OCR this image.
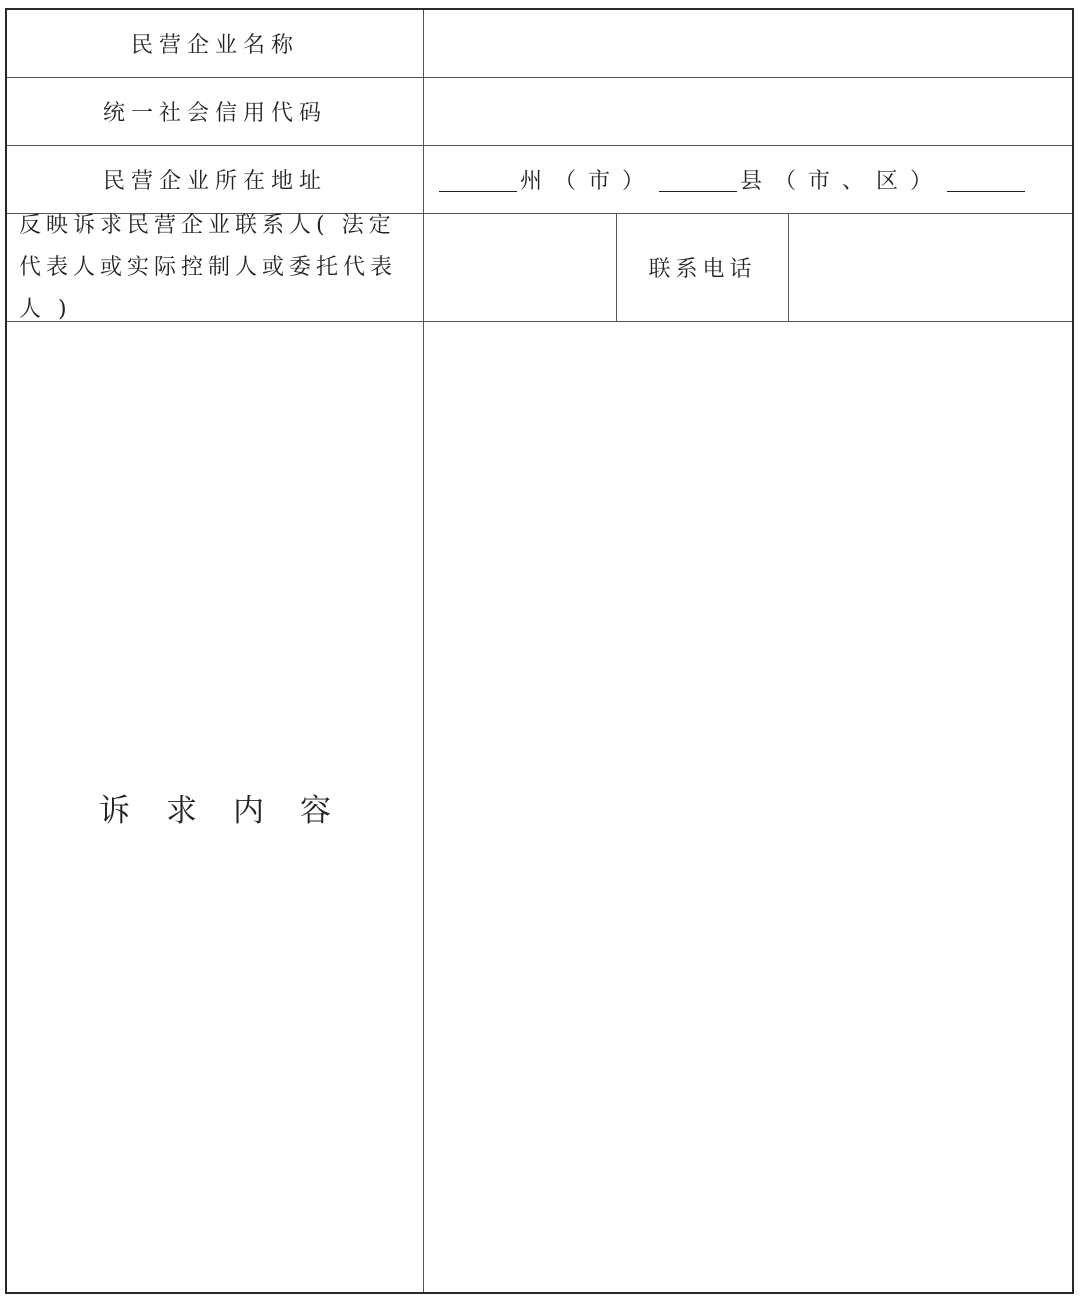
民营企业名称
统一社会信用代码
民营企业所在地址	州（市）	县（市、区）
反映诉求民营企业联系人( 法定代表人或实际控制人或委托代表人 )
联系电话
诉求内容
